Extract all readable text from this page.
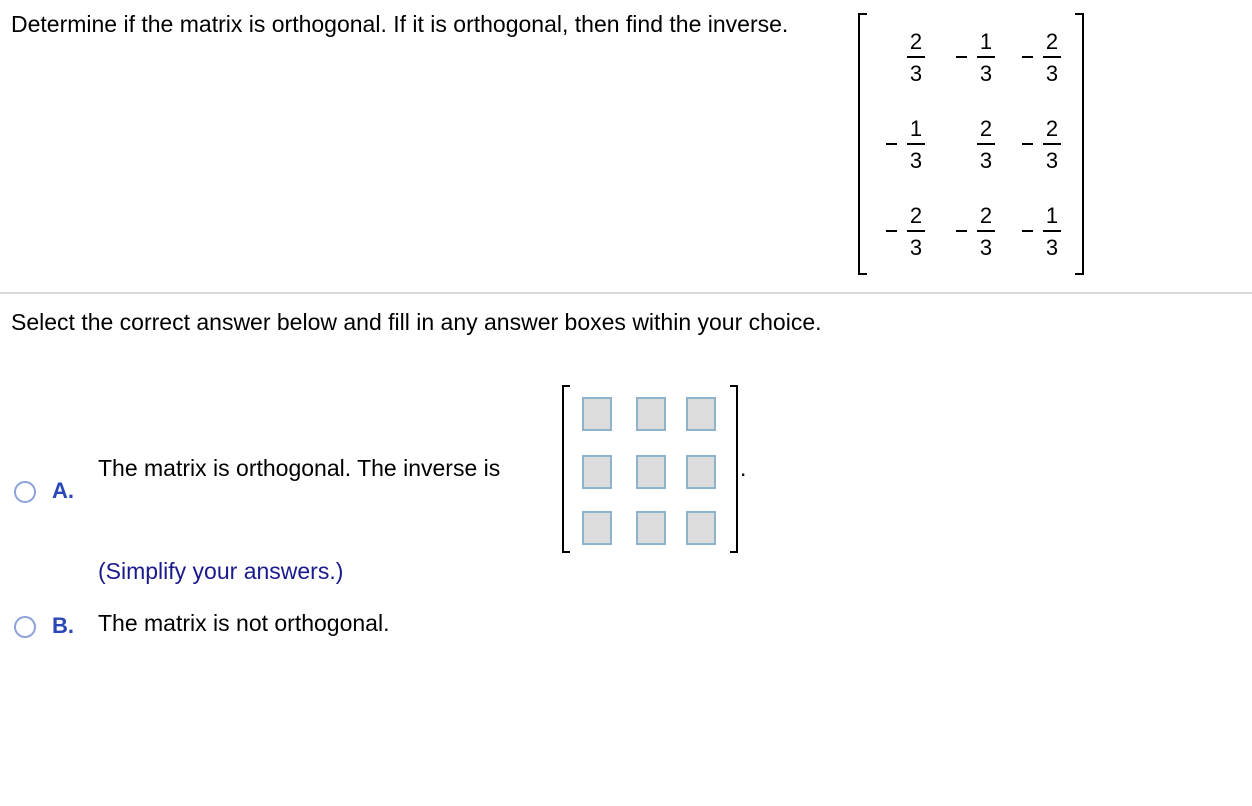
Determine if the matrix is orthogonal. If it is orthogonal, then find the inverse.
2
3
1
3
2
3
1
3
2
3
2
3
2
3
2
3
1
3
Select the correct answer below and fill in any answer boxes within your choice.
A.
The matrix is orthogonal. The inverse is	.
(Simplify your answers.)
B. The matrix is not orthogonal.
